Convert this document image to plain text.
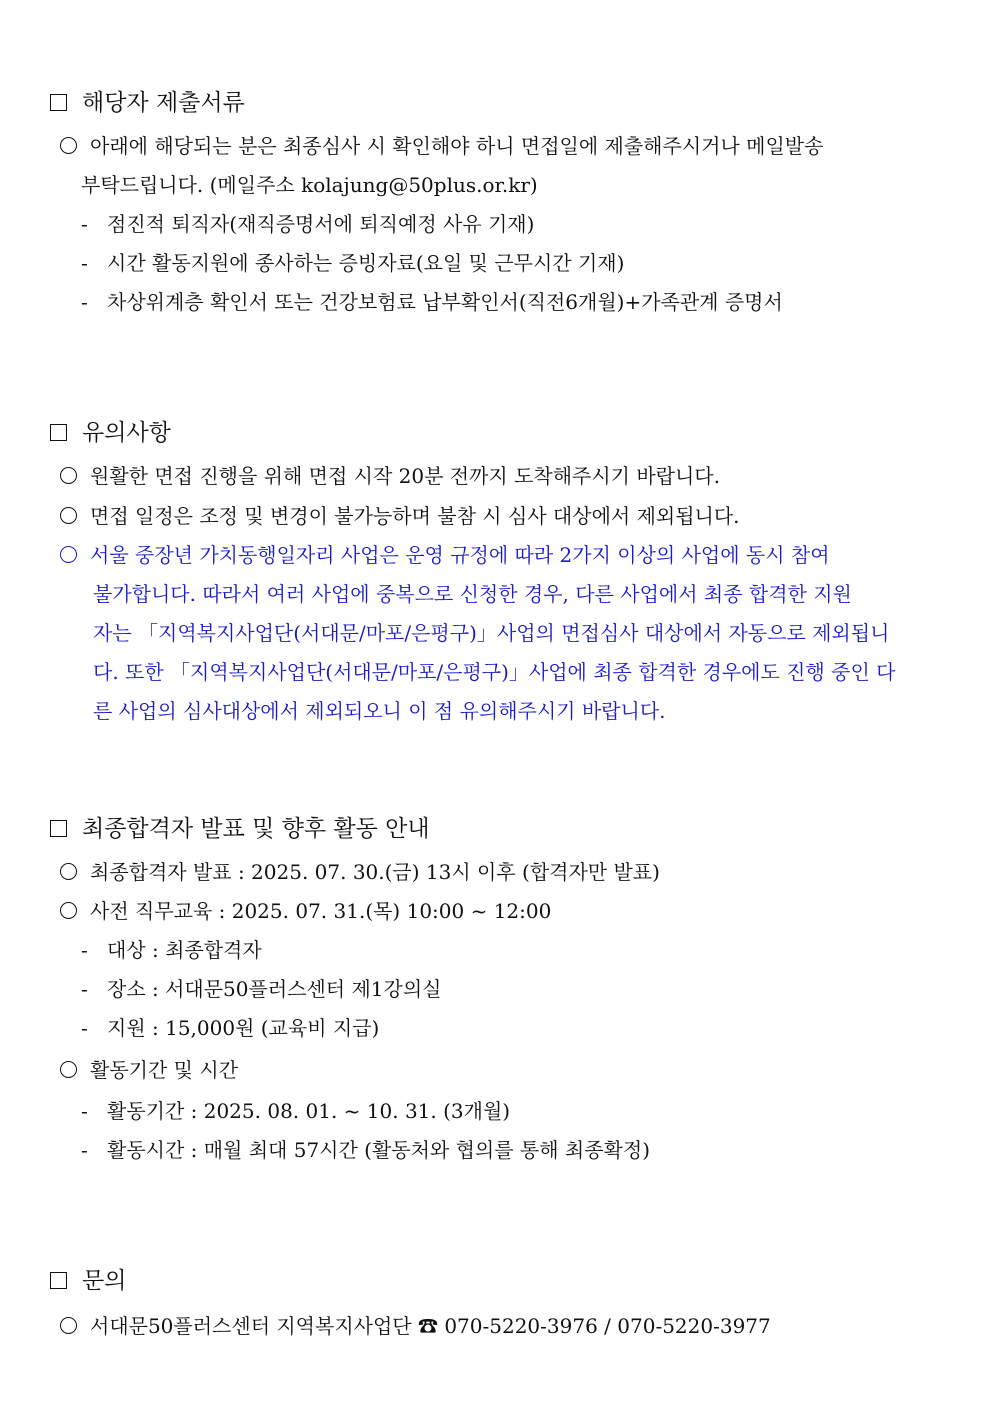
해당자 제출서류
아래에 해당되는 분은 최종심사 시 확인해야 하니 면접일에 제출해주시거나 메일발송
부탁드립니다. (메일주소 kolajung@50plus.or.kr)
- 점진적 퇴직자(재직증명서에 퇴직예정 사유 기재)
- 시간 활동지원에 종사하는 증빙자료(요일 및 근무시간 기재)
- 차상위계층 확인서 또는 건강보험료 납부확인서(직전6개월)+가족관계 증명서
유의사항
원활한 면접 진행을 위해 면접 시작 20분 전까지 도착해주시기 바랍니다.
면접 일정은 조정 및 변경이 불가능하며 불참 시 심사 대상에서 제외됩니다.
서울 중장년 가치동행일자리 사업은 운영 규정에 따라 2가지 이상의 사업에 동시 참여
불가합니다. 따라서 여러 사업에 중복으로 신청한 경우, 다른 사업에서 최종 합격한 지원
자는 「지역복지사업단(서대문/마포/은평구)」사업의 면접심사 대상에서 자동으로 제외됩니
다. 또한 「지역복지사업단(서대문/마포/은평구)」사업에 최종 합격한 경우에도 진행 중인 다
른 사업의 심사대상에서 제외되오니 이 점 유의해주시기 바랍니다.
최종합격자 발표 및 향후 활동 안내
최종합격자 발표 : 2025. 07. 30.(금) 13시 이후 (합격자만 발표)
사전 직무교육 : 2025. 07. 31.(목) 10:00 ~ 12:00
- 대상 : 최종합격자
- 장소 : 서대문50플러스센터 제1강의실
- 지원 : 15,000원 (교육비 지급)
활동기간 및 시간
- 활동기간 : 2025. 08. 01. ~ 10. 31. (3개월)
- 활동시간 : 매월 최대 57시간 (활동처와 협의를 통해 최종확정)
문의
서대문50플러스센터 지역복지사업단 ☎ 070-5220-3976 / 070-5220-3977
